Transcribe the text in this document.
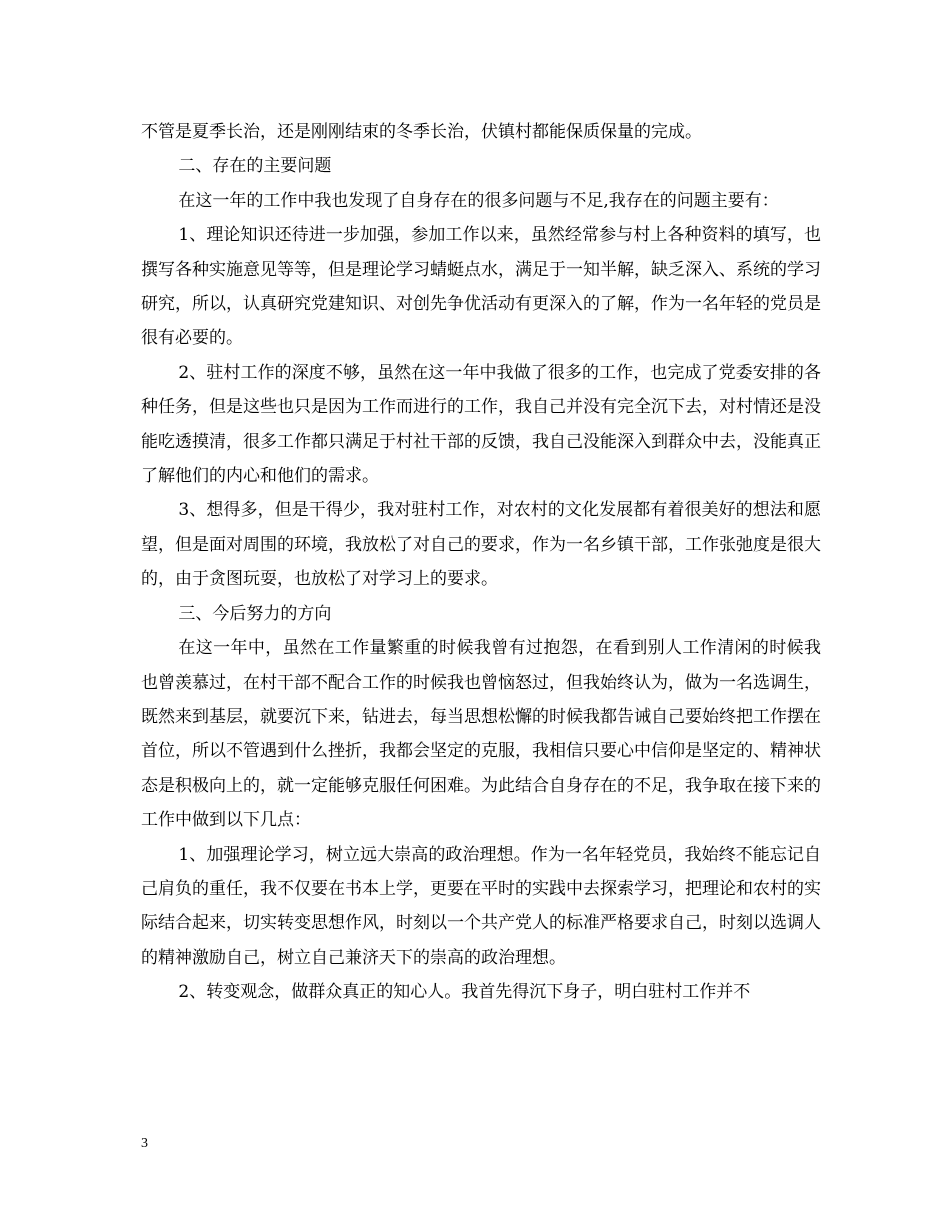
不管是夏季长治，还是刚刚结束的冬季长治，伏镇村都能保质保量的完成。

二、存在的主要问题

在这一年的工作中我也发现了自身存在的很多问题与不足,我存在的问题主要有：

1、理论知识还待进一步加强，参加工作以来，虽然经常参与村上各种资料的填写，也撰写各种实施意见等等，但是理论学习蜻蜓点水，满足于一知半解，缺乏深入、系统的学习研究，所以，认真研究党建知识、对创先争优活动有更深入的了解，作为一名年轻的党员是很有必要的。

2、驻村工作的深度不够，虽然在这一年中我做了很多的工作，也完成了党委安排的各种任务，但是这些也只是因为工作而进行的工作，我自己并没有完全沉下去，对村情还是没能吃透摸清，很多工作都只满足于村社干部的反馈，我自己没能深入到群众中去，没能真正了解他们的内心和他们的需求。

3、想得多，但是干得少，我对驻村工作，对农村的文化发展都有着很美好的想法和愿望，但是面对周围的环境，我放松了对自己的要求，作为一名乡镇干部，工作张弛度是很大的，由于贪图玩耍，也放松了对学习上的要求。

三、今后努力的方向

在这一年中，虽然在工作量繁重的时候我曾有过抱怨，在看到别人工作清闲的时候我也曾羡慕过，在村干部不配合工作的时候我也曾恼怒过，但我始终认为，做为一名选调生，既然来到基层，就要沉下来，钻进去，每当思想松懈的时候我都告诫自己要始终把工作摆在首位，所以不管遇到什么挫折，我都会坚定的克服，我相信只要心中信仰是坚定的、精神状态是积极向上的，就一定能够克服任何困难。为此结合自身存在的不足，我争取在接下来的工作中做到以下几点：

1、加强理论学习，树立远大崇高的政治理想。作为一名年轻党员，我始终不能忘记自己肩负的重任，我不仅要在书本上学，更要在平时的实践中去探索学习，把理论和农村的实际结合起来，切实转变思想作风，时刻以一个共产党人的标准严格要求自己，时刻以选调人的精神激励自己，树立自己兼济天下的崇高的政治理想。

2、转变观念，做群众真正的知心人。我首先得沉下身子，明白驻村工作并不

3
